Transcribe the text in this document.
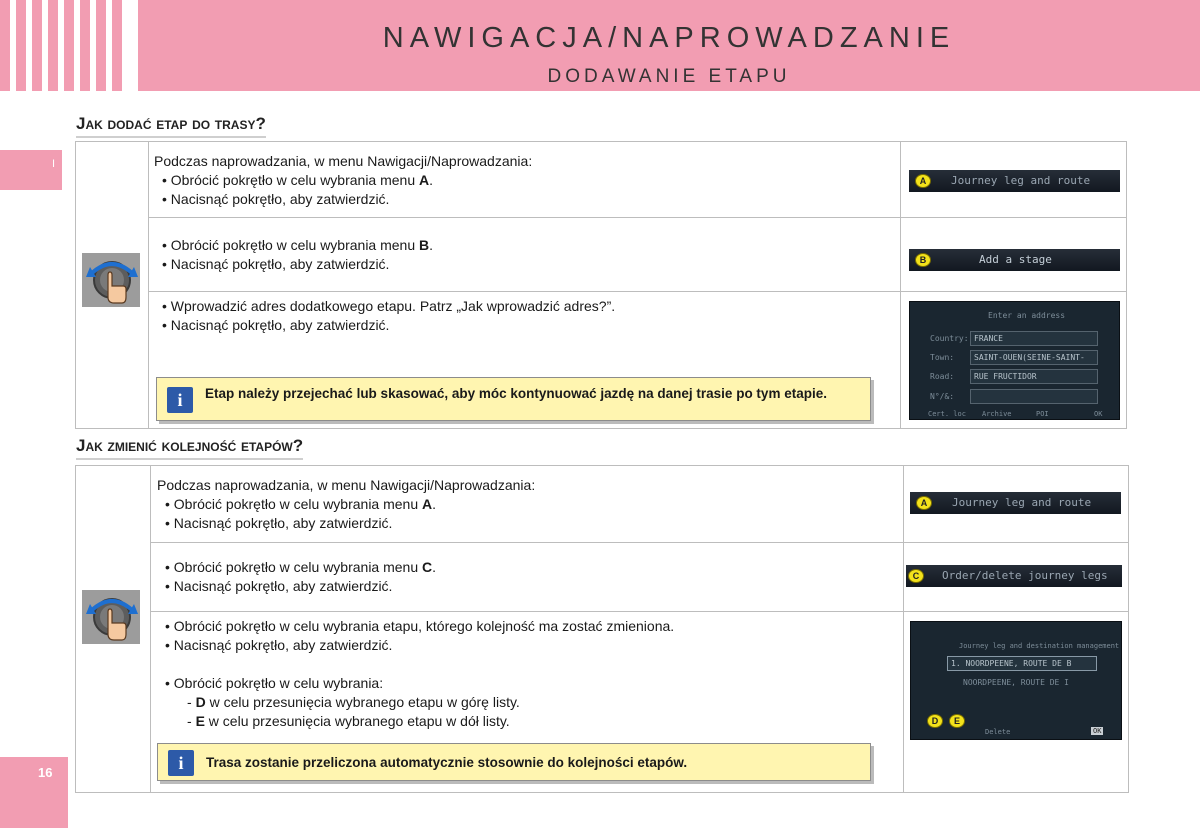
NAWIGACJA/NAPROWADZANIE
DODAWANIE ETAPU
I
16
Jak dodać etap do trasy?
Podczas naprowadzania, w menu Nawigacji/Naprowadzania:
• Obrócić pokrętło w celu wybrania menu A.
• Nacisnąć pokrętło, aby zatwierdzić.
A	Journey leg and route
• Obrócić pokrętło w celu wybrania menu B.
• Nacisnąć pokrętło, aby zatwierdzić.	B	Add a stage
• Wprowadzić adres dodatkowego etapu. Patrz „Jak wprowadzić adres?”.
• Nacisnąć pokrętło, aby zatwierdzić.
i	Etap należy przejechać lub skasować, aby móc kontynuować jazdę na danej trasie po tym etapie.
Enter an address
Country: FRANCE
Town: SAINT-OUEN(SEINE-SAINT-
Road: RUE FRUCTIDOR
N°/&:
Cert. loc Archive	POI	OK
Jak zmienić kolejność etapów?
Podczas naprowadzania, w menu Nawigacji/Naprowadzania:
• Obrócić pokrętło w celu wybrania menu A.
• Nacisnąć pokrętło, aby zatwierdzić.
A	Journey leg and route
• Obrócić pokrętło w celu wybrania menu C.
• Nacisnąć pokrętło, aby zatwierdzić.
C	Order/delete journey legs
• Obrócić pokrętło w celu wybrania etapu, którego kolejność ma zostać zmieniona.
• Nacisnąć pokrętło, aby zatwierdzić.
• Obrócić pokrętło w celu wybrania:
- D w celu przesunięcia wybranego etapu w górę listy.
- E w celu przesunięcia wybranego etapu w dół listy.
i	Trasa zostanie przeliczona automatycznie stosownie do kolejności etapów.
Journey leg and destination management
1. NOORDPEENE, ROUTE DE B
NOORDPEENE, ROUTE DE I
D	E
Delete	OK
